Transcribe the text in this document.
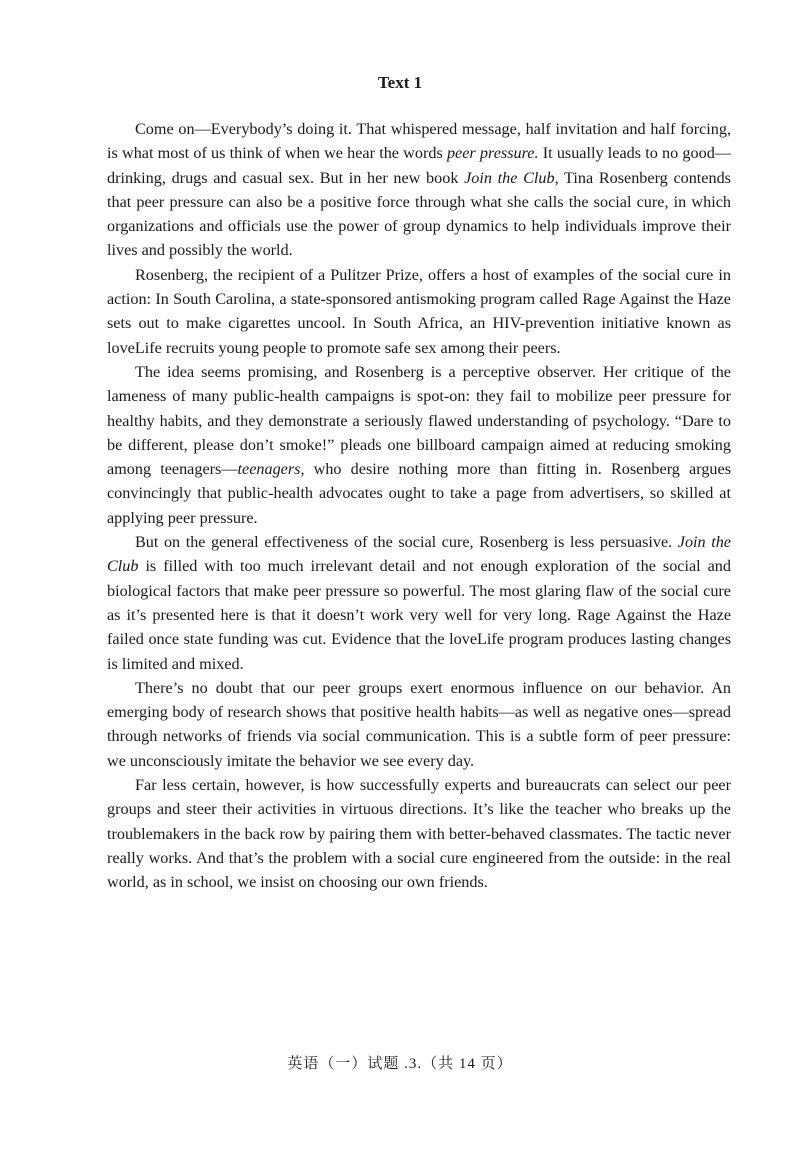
Text 1

Come on—Everybody’s doing it. That whispered message, half invitation and half forcing, is what most of us think of when we hear the words peer pressure. It usually leads to no good—drinking, drugs and casual sex. But in her new book Join the Club, Tina Rosenberg contends that peer pressure can also be a positive force through what she calls the social cure, in which organizations and officials use the power of group dynamics to help individuals improve their lives and possibly the world.

Rosenberg, the recipient of a Pulitzer Prize, offers a host of examples of the social cure in action: In South Carolina, a state-sponsored antismoking program called Rage Against the Haze sets out to make cigarettes uncool. In South Africa, an HIV-prevention initiative known as loveLife recruits young people to promote safe sex among their peers.

The idea seems promising, and Rosenberg is a perceptive observer. Her critique of the lameness of many public-health campaigns is spot-on: they fail to mobilize peer pressure for healthy habits, and they demonstrate a seriously flawed understanding of psychology. “Dare to be different, please don’t smoke!” pleads one billboard campaign aimed at reducing smoking among teenagers—teenagers, who desire nothing more than fitting in. Rosenberg argues convincingly that public-health advocates ought to take a page from advertisers, so skilled at applying peer pressure.

But on the general effectiveness of the social cure, Rosenberg is less persuasive. Join the Club is filled with too much irrelevant detail and not enough exploration of the social and biological factors that make peer pressure so powerful. The most glaring flaw of the social cure as it’s presented here is that it doesn’t work very well for very long. Rage Against the Haze failed once state funding was cut. Evidence that the loveLife program produces lasting changes is limited and mixed.

There’s no doubt that our peer groups exert enormous influence on our behavior. An emerging body of research shows that positive health habits—as well as negative ones—spread through networks of friends via social communication. This is a subtle form of peer pressure: we unconsciously imitate the behavior we see every day.

Far less certain, however, is how successfully experts and bureaucrats can select our peer groups and steer their activities in virtuous directions. It’s like the teacher who breaks up the troublemakers in the back row by pairing them with better-behaved classmates. The tactic never really works. And that’s the problem with a social cure engineered from the outside: in the real world, as in school, we insist on choosing our own friends.

英语（一）试题 .3.（共 14 页）
